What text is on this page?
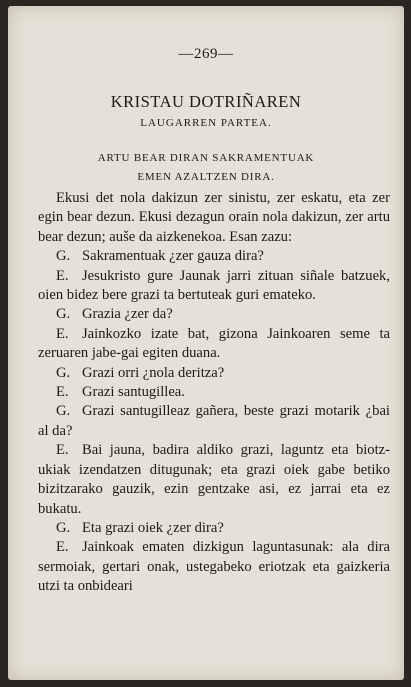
—269—
KRISTAU DOTRIÑAREN
LAUGARREN PARTEA.
ARTU BEAR DIRAN SAKRAMENTUAK
EMEN AZALTZEN DIRA.

Ekusi det nola dakizun zer sinistu, zer eskatu, eta zer egin bear dezun. Ekusi dezagun orain nola dakizun, zer artu bear dezun; auše da aizkenekoa. Esan zazu:

G. Sakramentuak ¿zer gauza dira?

E. Jesukristo gure Jaunak jarri zituan siñale batzuek, oien bidez bere grazi ta bertuteak guri emateko.

G. Grazia ¿zer da?

E. Jainkozko izate bat, gizona Jainkoaren seme ta zeruaren jabe-gai egiten duana.

G. Grazi orri ¿nola deritza?

E. Grazi santugillea.

G. Grazi santugilleaz gañera, beste grazi motarik ¿bai al da?

E. Bai jauna, badira aldiko grazi, laguntz eta biotz-ukiak izendatzen ditugunak; eta grazi oiek gabe betiko bizitzarako gauzik, ezin gentzake asi, ez jarrai eta ez bukatu.

G. Eta grazi oiek ¿zer dira?

E. Jainkoak ematen dizkigun laguntasunak: ala dira sermoiak, gertari onak, ustegabeko eriotzak eta gaizkeria utzi ta onbideari
